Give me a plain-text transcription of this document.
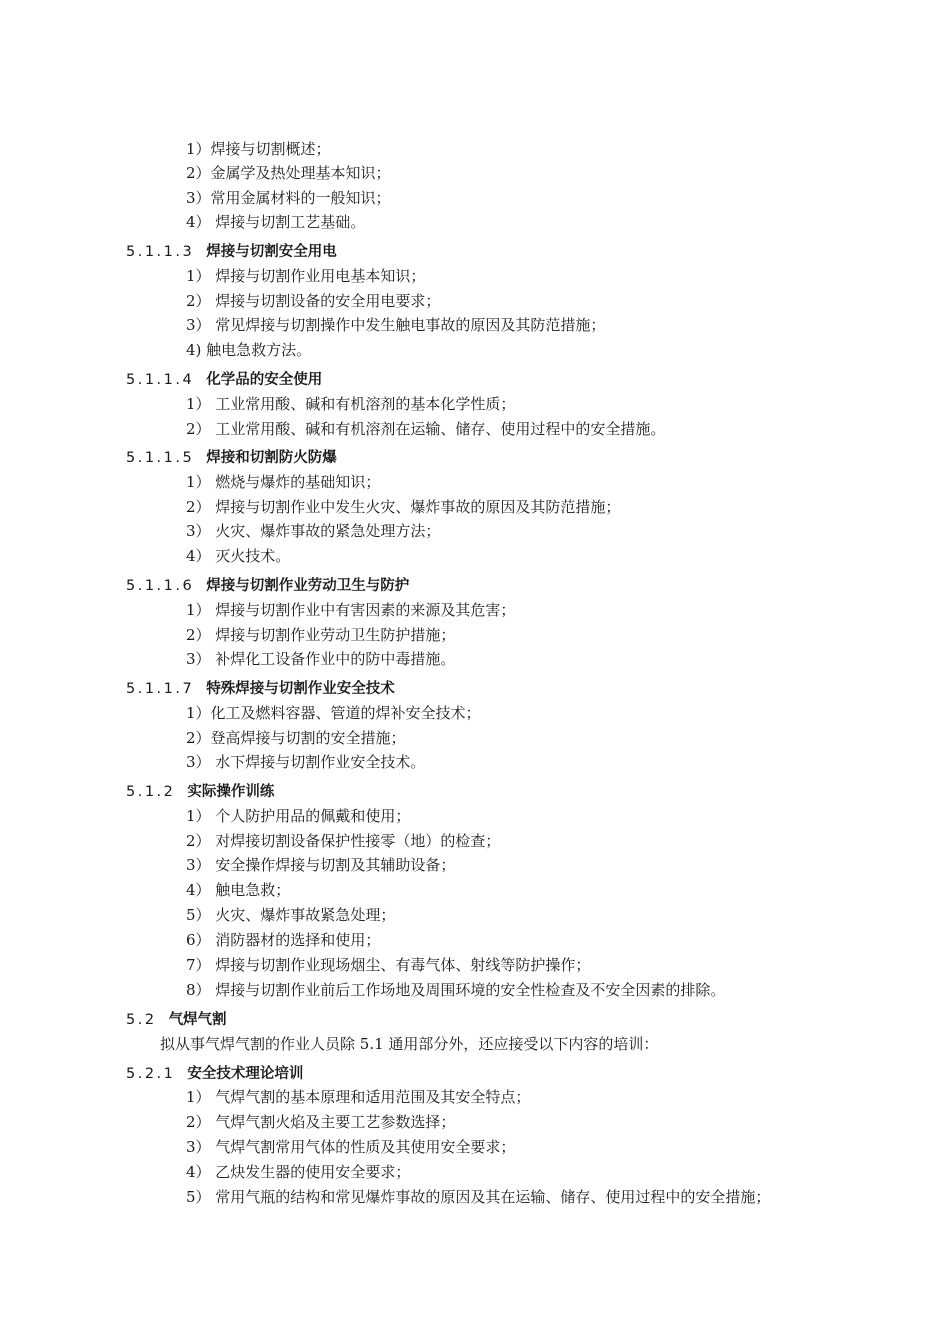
1）焊接与切割概述；
2）金属学及热处理基本知识；
3）常用金属材料的一般知识；
4） 焊接与切割工艺基础。
5.1.1.3 焊接与切割安全用电
1） 焊接与切割作业用电基本知识；
2） 焊接与切割设备的安全用电要求；
3） 常见焊接与切割操作中发生触电事故的原因及其防范措施；
4) 触电急救方法。
5.1.1.4 化学品的安全使用
1） 工业常用酸、碱和有机溶剂的基本化学性质；
2） 工业常用酸、碱和有机溶剂在运输、储存、使用过程中的安全措施。
5.1.1.5 焊接和切割防火防爆
1） 燃烧与爆炸的基础知识；
2） 焊接与切割作业中发生火灾、爆炸事故的原因及其防范措施；
3） 火灾、爆炸事故的紧急处理方法；
4） 灭火技术。
5.1.1.6 焊接与切割作业劳动卫生与防护
1） 焊接与切割作业中有害因素的来源及其危害；
2） 焊接与切割作业劳动卫生防护措施；
3） 补焊化工设备作业中的防中毒措施。
5.1.1.7 特殊焊接与切割作业安全技术
1）化工及燃料容器、管道的焊补安全技术；
2）登高焊接与切割的安全措施；
3） 水下焊接与切割作业安全技术。
5.1.2 实际操作训练
1） 个人防护用品的佩戴和使用；
2） 对焊接切割设备保护性接零（地）的检查；
3） 安全操作焊接与切割及其辅助设备；
4） 触电急救；
5） 火灾、爆炸事故紧急处理；
6） 消防器材的选择和使用；
7） 焊接与切割作业现场烟尘、有毒气体、射线等防护操作；
8） 焊接与切割作业前后工作场地及周围环境的安全性检查及不安全因素的排除。
5.2 气焊气割
拟从事气焊气割的作业人员除 5.1 通用部分外，还应接受以下内容的培训：
5.2.1 安全技术理论培训
1） 气焊气割的基本原理和适用范围及其安全特点；
2） 气焊气割火焰及主要工艺参数选择；
3） 气焊气割常用气体的性质及其使用安全要求；
4） 乙炔发生器的使用安全要求；
5） 常用气瓶的结构和常见爆炸事故的原因及其在运输、储存、使用过程中的安全措施；
